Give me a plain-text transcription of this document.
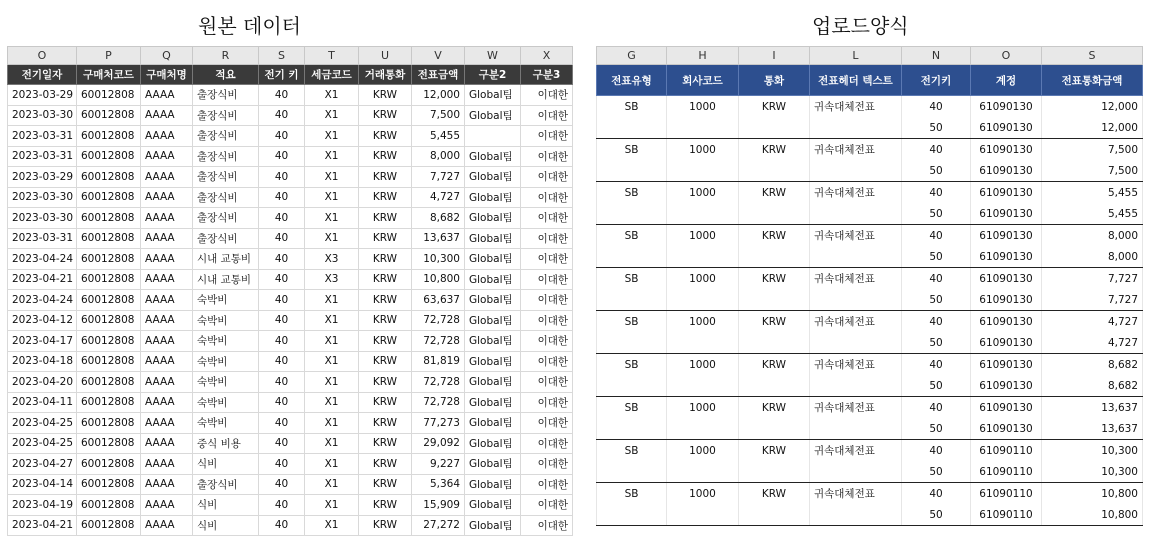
원본 데이터	업로드양식
O	P	Q	R	S	T	U	V	W	X
전기일자	구매처코드	구매처명	적요	전기 키	세금코드	거래통화	전표금액	구분2	구분3
2023-03-29	60012808	AAAA	출장식비	40	X1	KRW	12,000	Global팀	이대한
2023-03-30	60012808	AAAA	출장식비	40	X1	KRW	7,500	Global팀	이대한
2023-03-31	60012808	AAAA	출장식비	40	X1	KRW	5,455		이대한
2023-03-31	60012808	AAAA	출장식비	40	X1	KRW	8,000	Global팀	이대한
2023-03-29	60012808	AAAA	출장식비	40	X1	KRW	7,727	Global팀	이대한
2023-03-30	60012808	AAAA	출장식비	40	X1	KRW	4,727	Global팀	이대한
2023-03-30	60012808	AAAA	출장식비	40	X1	KRW	8,682	Global팀	이대한
2023-03-31	60012808	AAAA	출장식비	40	X1	KRW	13,637	Global팀	이대한
2023-04-24	60012808	AAAA	시내 교통비	40	X3	KRW	10,300	Global팀	이대한
2023-04-21	60012808	AAAA	시내 교통비	40	X3	KRW	10,800	Global팀	이대한
2023-04-24	60012808	AAAA	숙박비	40	X1	KRW	63,637	Global팀	이대한
2023-04-12	60012808	AAAA	숙박비	40	X1	KRW	72,728	Global팀	이대한
2023-04-17	60012808	AAAA	숙박비	40	X1	KRW	72,728	Global팀	이대한
2023-04-18	60012808	AAAA	숙박비	40	X1	KRW	81,819	Global팀	이대한
2023-04-20	60012808	AAAA	숙박비	40	X1	KRW	72,728	Global팀	이대한
2023-04-11	60012808	AAAA	숙박비	40	X1	KRW	72,728	Global팀	이대한
2023-04-25	60012808	AAAA	숙박비	40	X1	KRW	77,273	Global팀	이대한
2023-04-25	60012808	AAAA	중식 비용	40	X1	KRW	29,092	Global팀	이대한
2023-04-27	60012808	AAAA	식비	40	X1	KRW	9,227	Global팀	이대한
2023-04-14	60012808	AAAA	출장식비	40	X1	KRW	5,364	Global팀	이대한
2023-04-19	60012808	AAAA	식비	40	X1	KRW	15,909	Global팀	이대한
2023-04-21	60012808	AAAA	식비	40	X1	KRW	27,272	Global팀	이대한
G	H	I	L	N	O	S
전표유형	회사코드	통화	전표헤더 텍스트	전기키	계정	전표통화금액
SB	1000	KRW	귀속대체전표	40	61090130	12,000
				50	61090130	12,000
SB	1000	KRW	귀속대체전표	40	61090130	7,500
				50	61090130	7,500
SB	1000	KRW	귀속대체전표	40	61090130	5,455
				50	61090130	5,455
SB	1000	KRW	귀속대체전표	40	61090130	8,000
				50	61090130	8,000
SB	1000	KRW	귀속대체전표	40	61090130	7,727
				50	61090130	7,727
SB	1000	KRW	귀속대체전표	40	61090130	4,727
				50	61090130	4,727
SB	1000	KRW	귀속대체전표	40	61090130	8,682
				50	61090130	8,682
SB	1000	KRW	귀속대체전표	40	61090130	13,637
				50	61090130	13,637
SB	1000	KRW	귀속대체전표	40	61090110	10,300
				50	61090110	10,300
SB	1000	KRW	귀속대체전표	40	61090110	10,800
				50	61090110	10,800
